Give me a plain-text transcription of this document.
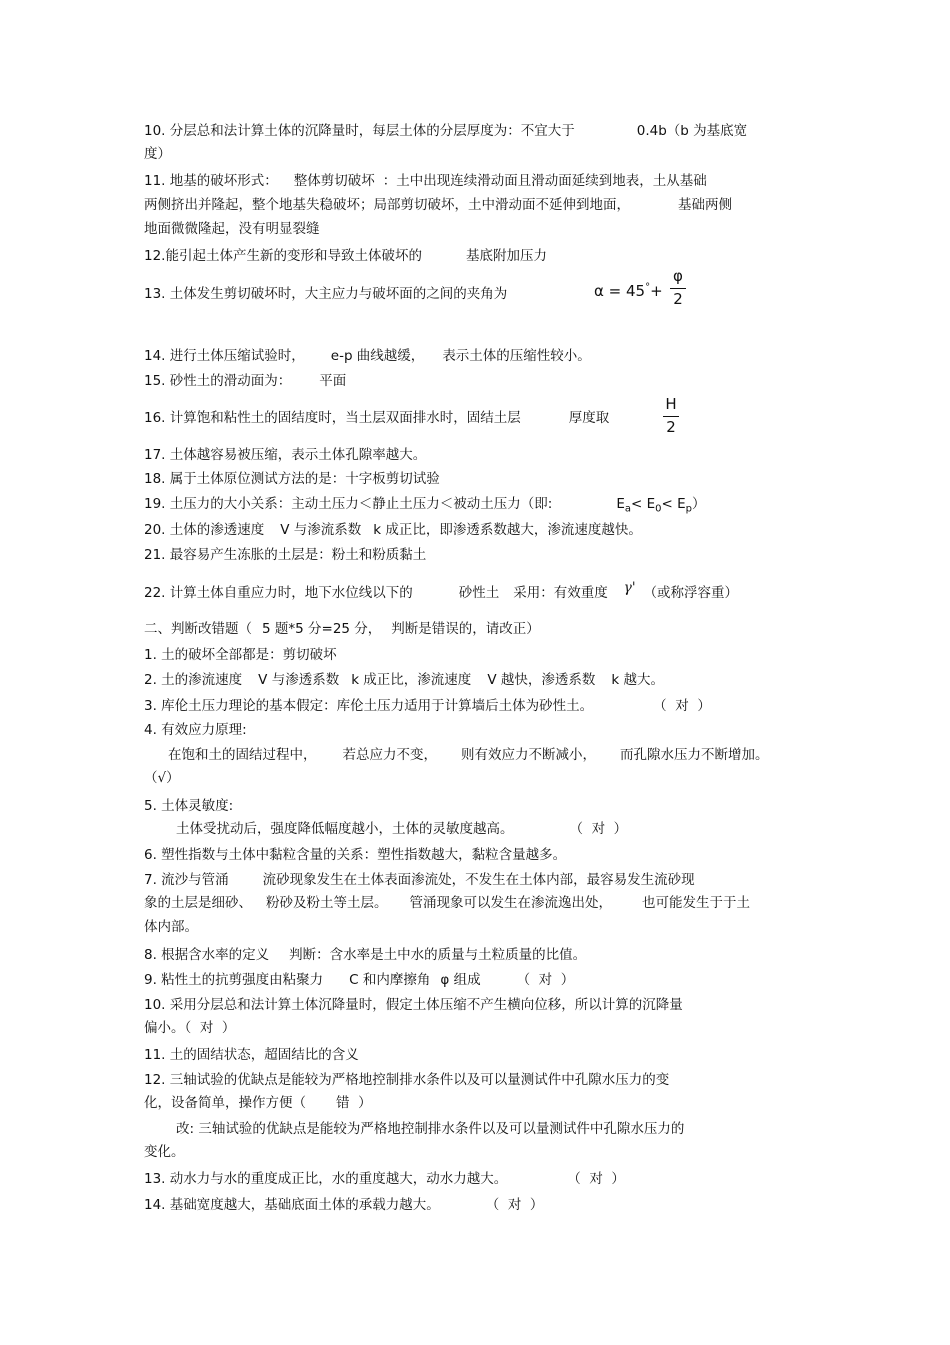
10. 分层总和法计算土体的沉降量时，每层土体的分层厚度为：不宜大于	0.4b（b 为基底宽
度）
11. 地基的破坏形式： 整体剪切破坏 ：土中出现连续滑动面且滑动面延续到地表，土从基础
两侧挤出并隆起，整个地基失稳破坏；局部剪切破坏，土中滑动面不延伸到地面，	基础两侧
地面微微隆起，没有明显裂缝
12.能引起土体产生新的变形和导致土体破坏的	基底附加压力
13. 土体发生剪切破坏时，大主应力与破坏面的之间的夹角为	α = 45°+
φ
2
14. 进行土体压缩试验时， e-p 曲线越缓， 表示土体的压缩性较小。
15. 砂性土的滑动面为： 平面
16. 计算饱和粘性土的固结度时，当土层双面排水时，固结土层	厚度取
H
2
17. 土体越容易被压缩，表示土体孔隙率越大。
18. 属于土体原位测试方法的是：十字板剪切试验
19. 土压力的大小关系：主动土压力＜静止土压力＜被动土压力（即:	$E_a< E_0< E_p$）
20. 土体的渗透速度 V 与渗流系数 k 成正比，即渗透系数越大，渗流速度越快。
21. 最容易产生冻胀的土层是：粉土和粉质黏土
22. 计算土体自重应力时，地下水位线以下的	砂性土 采用：有效重度 γ' （或称浮容重）
二、判断改错题（ 5 题*5 分=25 分， 判断是错误的，请改正）
1. 土的破坏全部都是：剪切破坏
2. 土的渗流速度 V 与渗透系数 k 成正比，渗流速度 V 越快，渗透系数 k 越大。
3. 库伦土压力理论的基本假定：库伦土压力适用于计算墙后土体为砂性土。	（  对  ）
4. 有效应力原理:
在饱和土的固结过程中， 若总应力不变， 则有效应力不断减小， 而孔隙水压力不断增加。
（√）
5. 土体灵敏度:
土体受扰动后，强度降低幅度越小，土体的灵敏度越高。	（  对  ）
6. 塑性指数与土体中黏粒含量的关系：塑性指数越大，黏粒含量越多。
7. 流沙与管涌	流砂现象发生在土体表面渗流处，不发生在土体内部，最容易发生流砂现
象的土层是细砂、 粉砂及粉土等土层。 管涌现象可以发生在渗流逸出处， 也可能发生于于土
体内部。
8. 根据含水率的定义 判断：含水率是土中水的质量与土粒质量的比值。
9. 粘性土的抗剪强度由粘聚力 C 和内摩擦角 φ 组成	（  对  ）
10. 采用分层总和法计算土体沉降量时，假定土体压缩不产生横向位移，所以计算的沉降量
偏小。（  对  ）
11. 土的固结状态，超固结比的含义
12. 三轴试验的优缺点是能较为严格地控制排水条件以及可以量测试件中孔隙水压力的变
化，设备简单，操作方便（ 错  ）
改: 三轴试验的优缺点是能较为严格地控制排水条件以及可以量测试件中孔隙水压力的
变化。
13. 动水力与水的重度成正比，水的重度越大，动水力越大。	（  对  ）
14. 基础宽度越大，基础底面土体的承载力越大。	（  对  ）
